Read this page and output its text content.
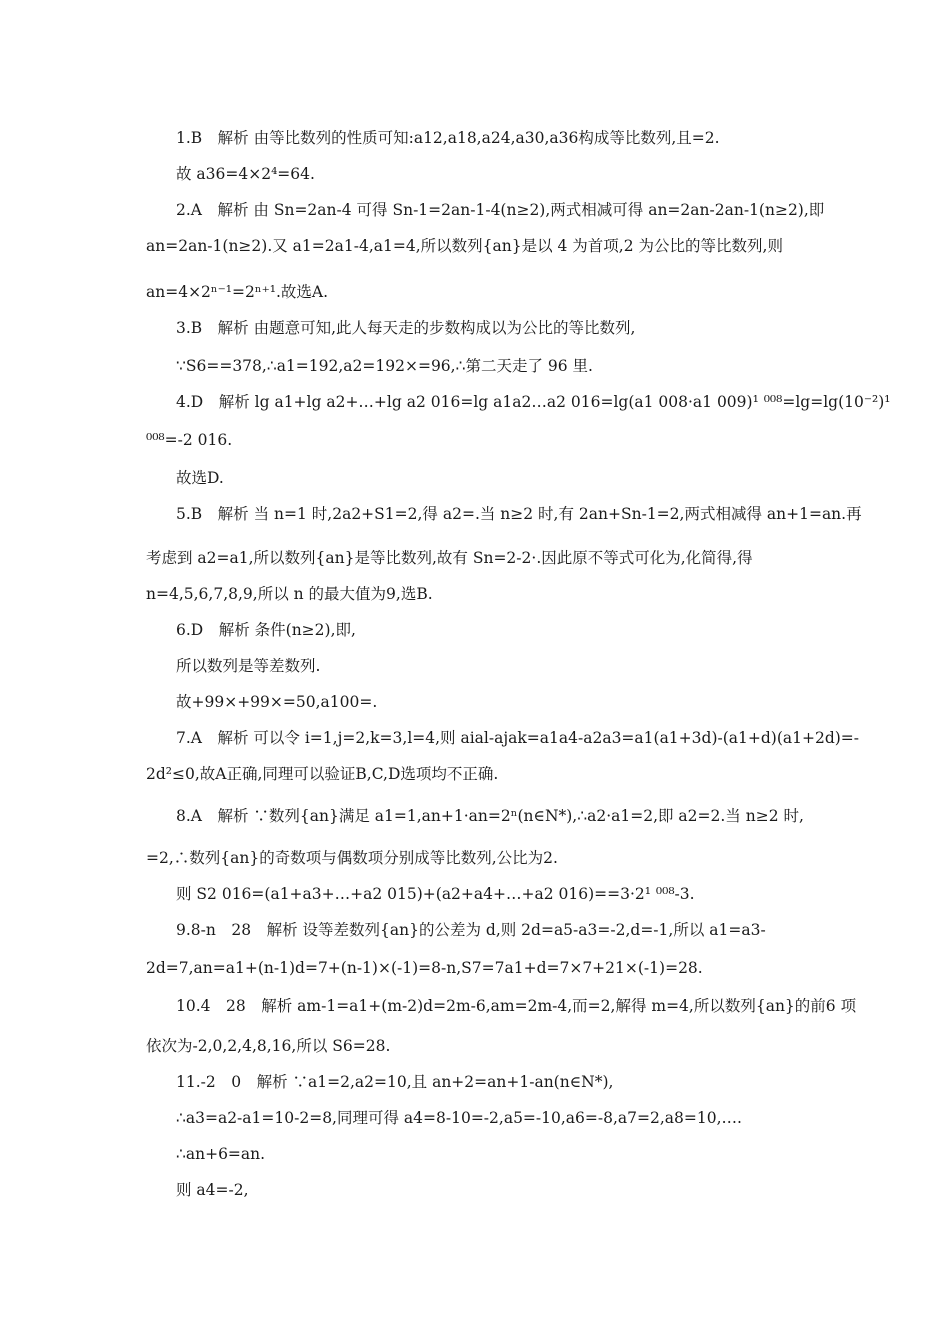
1.B　解析 由等比数列的性质可知:a12,a18,a24,a30,a36构成等比数列,且=2.
故 a36=4×2⁴=64.
2.A　解析 由 Sn=2an-4 可得 Sn-1=2an-1-4(n≥2),两式相减可得 an=2an-2an-1(n≥2),即
an=2an-1(n≥2).又 a1=2a1-4,a1=4,所以数列{an}是以 4 为首项,2 为公比的等比数列,则
an=4×2ⁿ⁻¹=2ⁿ⁺¹.故选A.
3.B　解析 由题意可知,此人每天走的步数构成以为公比的等比数列,
∵S6==378,∴a1=192,a2=192×=96,∴第二天走了 96 里.
4.D　解析 lg a1+lg a2+…+lg a2 016=lg a1a2…a2 016=lg(a1 008·a1 009)¹ ⁰⁰⁸=lg=lg(10⁻²)¹
⁰⁰⁸=-2 016.
故选D.
5.B　解析 当 n=1 时,2a2+S1=2,得 a2=.当 n≥2 时,有 2an+Sn-1=2,两式相减得 an+1=an.再
考虑到 a2=a1,所以数列{an}是等比数列,故有 Sn=2-2·.因此原不等式可化为,化简得,得
n=4,5,6,7,8,9,所以 n 的最大值为9,选B.
6.D　解析 条件(n≥2),即,
所以数列是等差数列.
故+99×+99×=50,a100=.
7.A　解析 可以令 i=1,j=2,k=3,l=4,则 aial-ajak=a1a4-a2a3=a1(a1+3d)-(a1+d)(a1+2d)=-
2d²≤0,故A正确,同理可以验证B,C,D选项均不正确.
8.A　解析 ∵数列{an}满足 a1=1,an+1·an=2ⁿ(n∈N*),∴a2·a1=2,即 a2=2.当 n≥2 时,
=2,∴数列{an}的奇数项与偶数项分别成等比数列,公比为2.
则 S2 016=(a1+a3+…+a2 015)+(a2+a4+…+a2 016)==3·2¹ ⁰⁰⁸-3.
9.8-n　28　解析 设等差数列{an}的公差为 d,则 2d=a5-a3=-2,d=-1,所以 a1=a3-
2d=7,an=a1+(n-1)d=7+(n-1)×(-1)=8-n,S7=7a1+d=7×7+21×(-1)=28.
10.4　28　解析 am-1=a1+(m-2)d=2m-6,am=2m-4,而=2,解得 m=4,所以数列{an}的前6 项
依次为-2,0,2,4,8,16,所以 S6=28.
11.-2　0　解析 ∵a1=2,a2=10,且 an+2=an+1-an(n∈N*),
∴a3=a2-a1=10-2=8,同理可得 a4=8-10=-2,a5=-10,a6=-8,a7=2,a8=10,….
∴an+6=an.
则 a4=-2,
